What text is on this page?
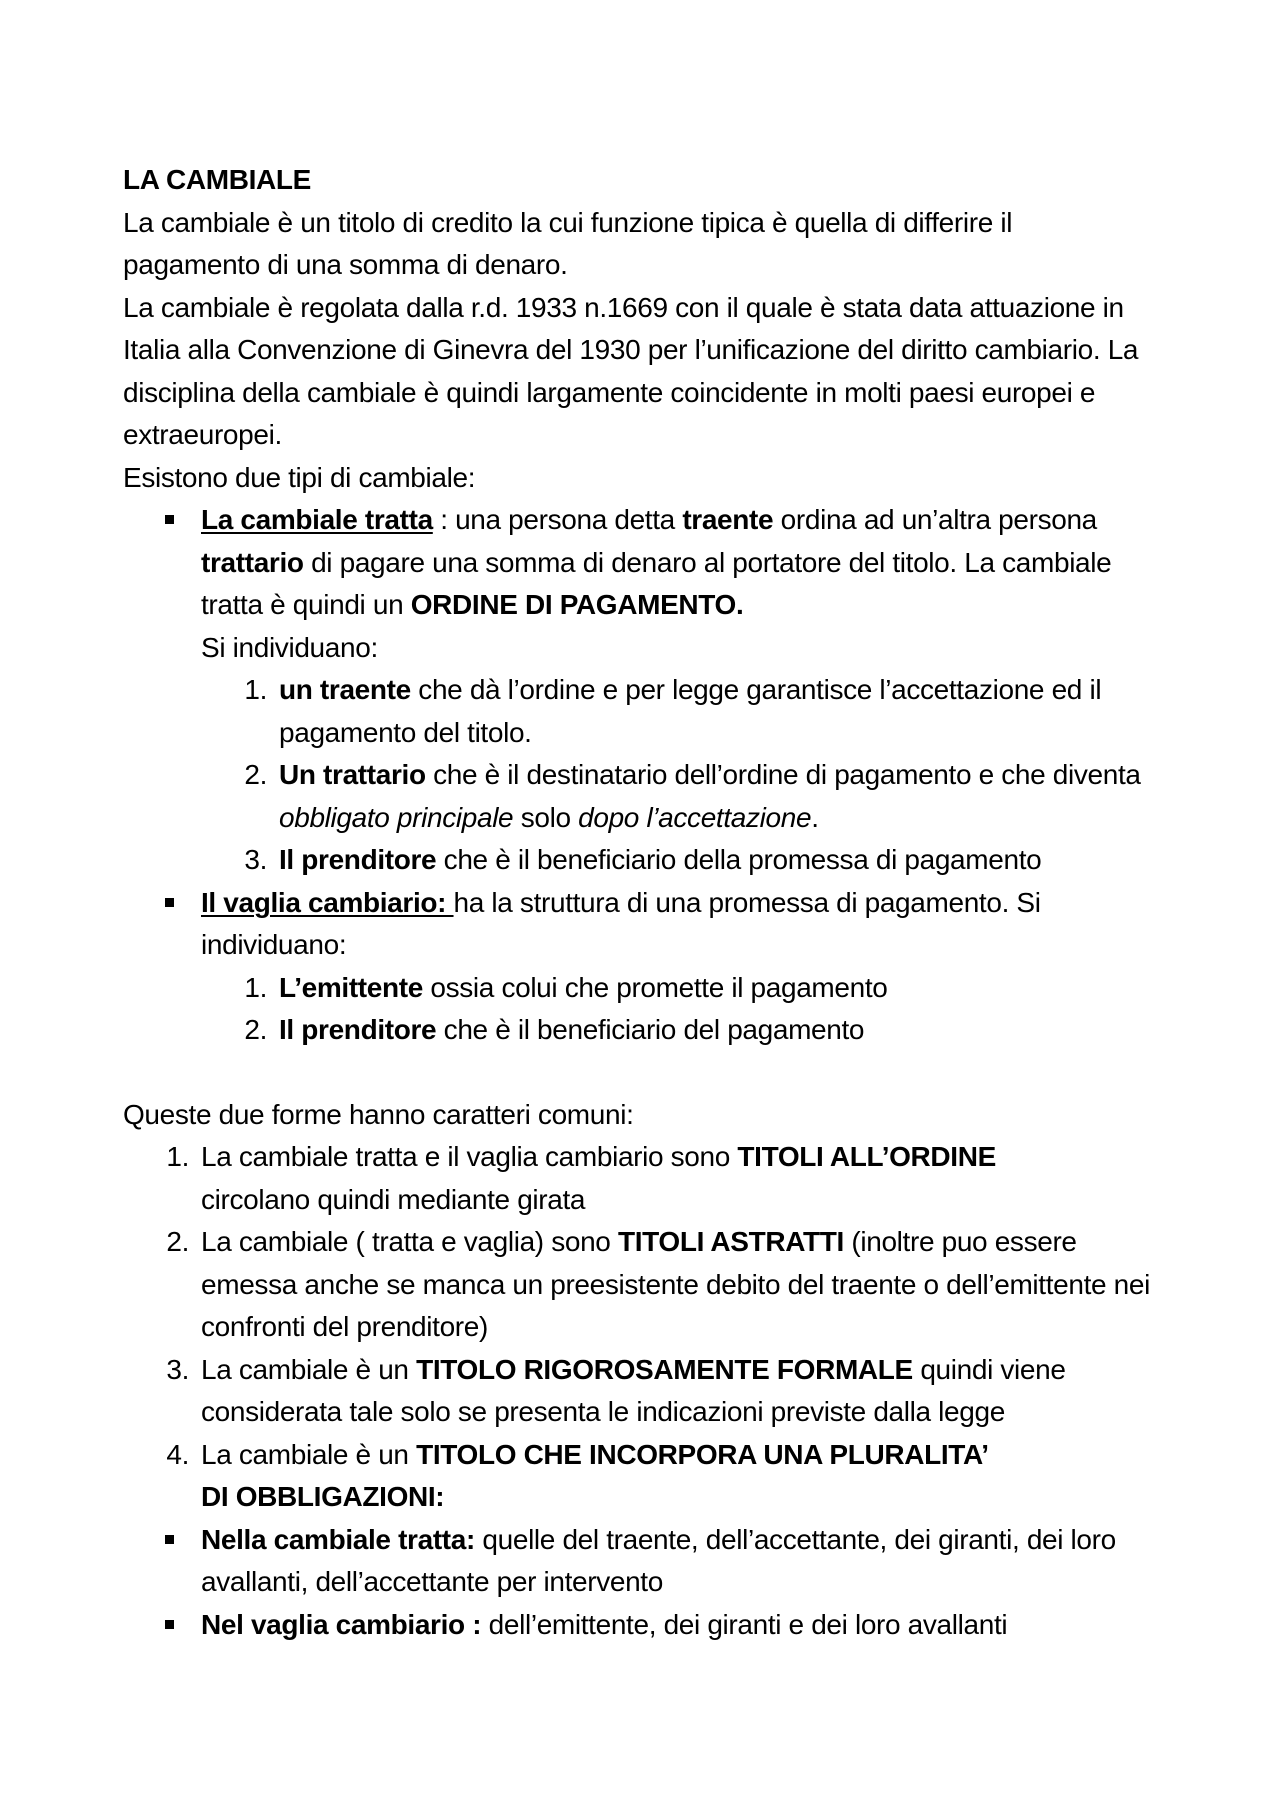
LA CAMBIALE

La cambiale è un titolo di credito la cui funzione tipica è quella di differire il pagamento di una somma di denaro.

La cambiale è regolata dalla r.d. 1933 n.1669 con il quale è stata data attuazione in Italia alla Convenzione di Ginevra del 1930 per l’unificazione del diritto cambiario. La disciplina della cambiale è quindi largamente coincidente in molti paesi europei e extraeuropei.

Esistono due tipi di cambiale:

La cambiale tratta : una persona detta traente ordina ad un’altra persona trattario di pagare una somma di denaro al portatore del titolo. La cambiale tratta è quindi un ORDINE DI PAGAMENTO.

Si individuano:

1. un traente che dà l’ordine e per legge garantisce l’accettazione ed il pagamento del titolo.

2. Un trattario che è il destinatario dell’ordine di pagamento e che diventa obbligato principale solo dopo l’accettazione.

3. Il prenditore che è il beneficiario della promessa di pagamento

Il vaglia cambiario: ha la struttura di una promessa di pagamento. Si individuano:

1. L’emittente ossia colui che promette il pagamento

2. Il prenditore che è il beneficiario del pagamento

Queste due forme hanno caratteri comuni:

1. La cambiale tratta e il vaglia cambiario sono TITOLI ALL’ORDINE circolano quindi mediante girata

2. La cambiale ( tratta e vaglia) sono TITOLI ASTRATTI (inoltre puo essere emessa anche se manca un preesistente debito del traente o dell’emittente nei confronti del prenditore)

3. La cambiale è un TITOLO RIGOROSAMENTE FORMALE quindi viene considerata tale solo se presenta le indicazioni previste dalla legge

4. La cambiale è un TITOLO CHE INCORPORA UNA PLURALITA’
DI OBBLIGAZIONI:

Nella cambiale tratta: quelle del traente, dell’accettante, dei giranti, dei loro avallanti, dell’accettante per intervento

Nel vaglia cambiario : dell’emittente, dei giranti e dei loro avallanti
